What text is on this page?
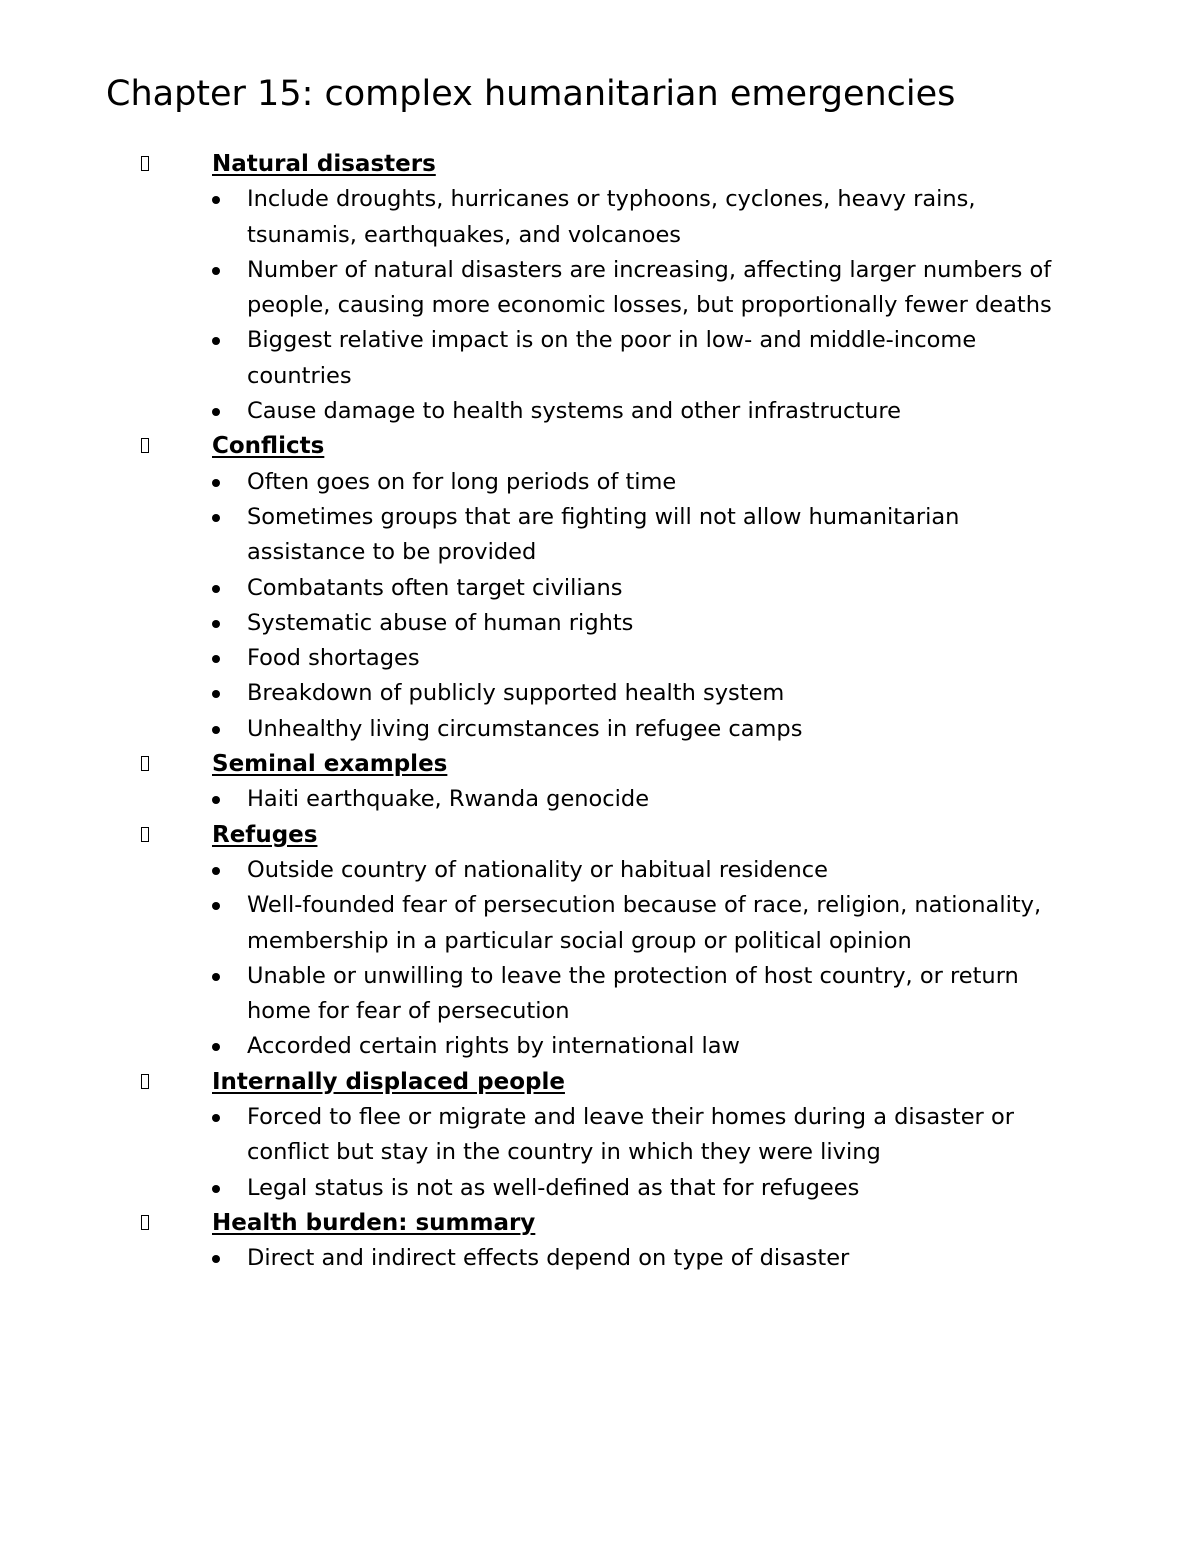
Chapter 15: complex humanitarian emergencies
Natural disasters
Include droughts, hurricanes or typhoons, cyclones, heavy rains, tsunamis, earthquakes, and volcanoes
Number of natural disasters are increasing, affecting larger numbers of people, causing more economic losses, but proportionally fewer deaths
Biggest relative impact is on the poor in low- and middle-income countries
Cause damage to health systems and other infrastructure
Conflicts
Often goes on for long periods of time
Sometimes groups that are fighting will not allow humanitarian assistance to be provided
Combatants often target civilians
Systematic abuse of human rights
Food shortages
Breakdown of publicly supported health system
Unhealthy living circumstances in refugee camps
Seminal examples
Haiti earthquake, Rwanda genocide
Refuges
Outside country of nationality or habitual residence
Well-founded fear of persecution because of race, religion, nationality, membership in a particular social group or political opinion
Unable or unwilling to leave the protection of host country, or return home for fear of persecution
Accorded certain rights by international law
Internally displaced people
Forced to flee or migrate and leave their homes during a disaster or conflict but stay in the country in which they were living
Legal status is not as well-defined as that for refugees
Health burden: summary
Direct and indirect effects depend on type of disaster
